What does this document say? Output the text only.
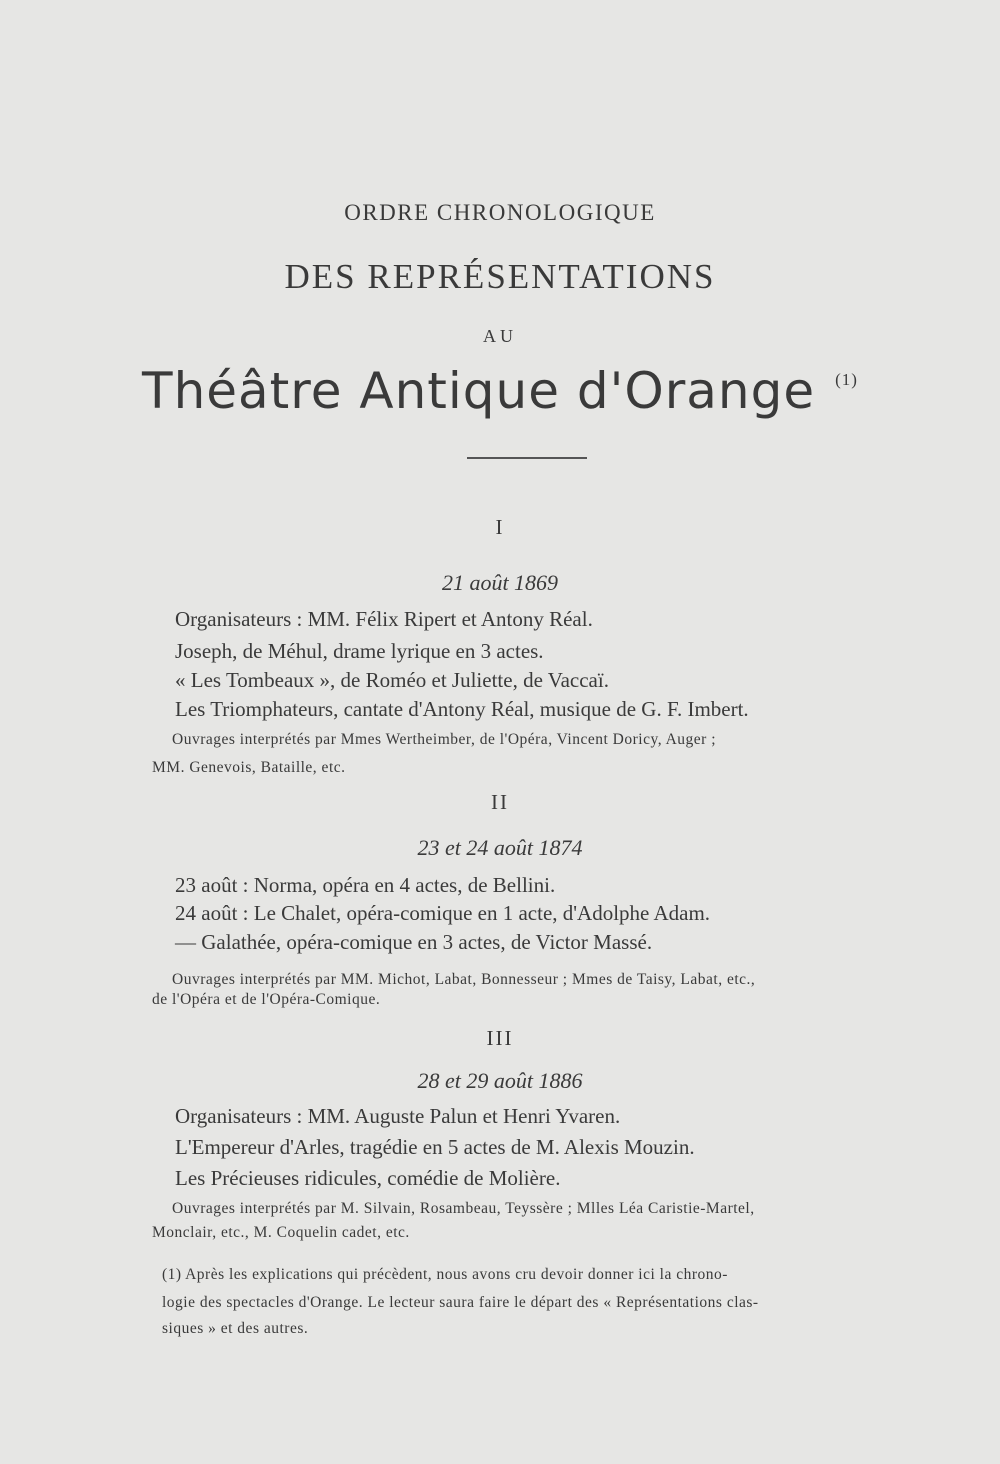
ORDRE CHRONOLOGIQUE
DES REPRÉSENTATIONS
AU
Théâtre Antique d'Orange $^{(1)}$
I
21 août 1869
Organisateurs : MM. Félix Ripert et Antony Réal.
Joseph, de Méhul, drame lyrique en 3 actes.
« Les Tombeaux », de Roméo et Juliette, de Vaccaï.
Les Triomphateurs, cantate d'Antony Réal, musique de G. F. Imbert.
Ouvrages interprétés par Mmes Wertheimber, de l'Opéra, Vincent Doricy, Auger ;
MM. Genevois, Bataille, etc.
II
23 et 24 août 1874
23 août : Norma, opéra en 4 actes, de Bellini.
24 août : Le Chalet, opéra-comique en 1 acte, d'Adolphe Adam.
— Galathée, opéra-comique en 3 actes, de Victor Massé.
Ouvrages interprétés par MM. Michot, Labat, Bonnesseur ; Mmes de Taisy, Labat, etc.,
de l'Opéra et de l'Opéra-Comique.
III
28 et 29 août 1886
Organisateurs : MM. Auguste Palun et Henri Yvaren.
L'Empereur d'Arles, tragédie en 5 actes de M. Alexis Mouzin.
Les Précieuses ridicules, comédie de Molière.
Ouvrages interprétés par M. Silvain, Rosambeau, Teyssère ; Mlles Léa Caristie-Martel,
Monclair, etc., M. Coquelin cadet, etc.
(1) Après les explications qui précèdent, nous avons cru devoir donner ici la chrono-
logie des spectacles d'Orange. Le lecteur saura faire le départ des « Représentations clas-
siques » et des autres.
